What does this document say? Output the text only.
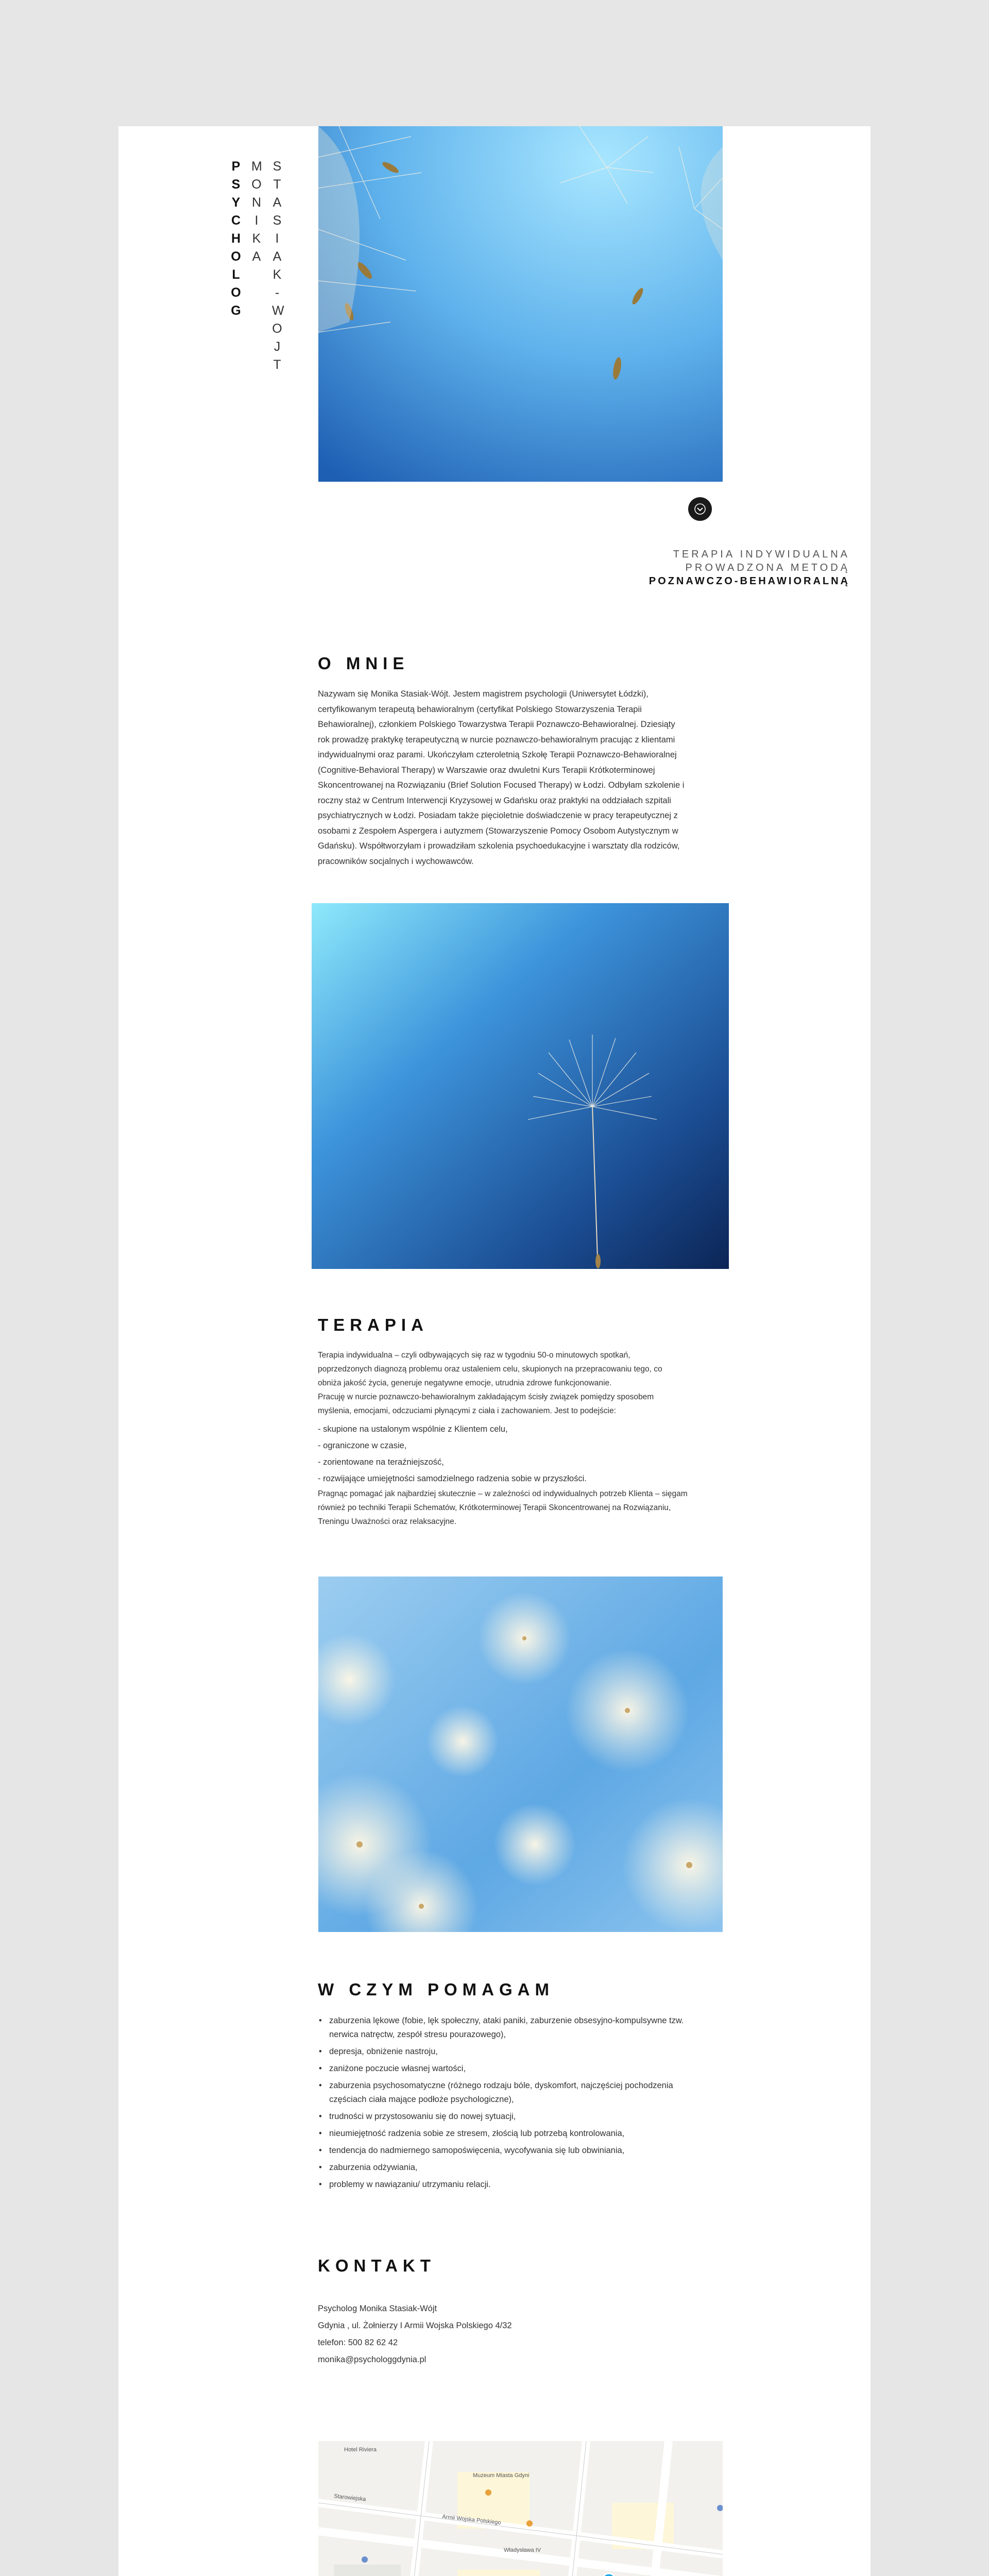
P
S
Y
C
H
O
L
O
G
M
O
N
I
K
A
S
T
A
S
I
A
K
-
W
O
J
T
TERAPIA INDYWIDUALNA
PROWADZONA METODĄ
POZNAWCZO-BEHAWIORALNĄ
O MNIE

Nazywam się Monika Stasiak-Wójt. Jestem magistrem psychologii (Uniwersytet Łódzki),

certyfikowanym terapeutą behawioralnym (certyfikat Polskiego Stowarzyszenia Terapii

Behawioralnej), członkiem Polskiego Towarzystwa Terapii Poznawczo-Behawioralnej. Dziesiąty

rok prowadzę praktykę terapeutyczną w nurcie poznawczo-behawioralnym pracując z klientami

indywidualnymi oraz parami. Ukończyłam czteroletnią Szkołę Terapii Poznawczo-Behawioralnej

(Cognitive-Behavioral Therapy) w Warszawie oraz dwuletni Kurs Terapii Krótkoterminowej

Skoncentrowanej na Rozwiązaniu (Brief Solution Focused Therapy) w Łodzi. Odbyłam szkolenie i

roczny staż w Centrum Interwencji Kryzysowej w Gdańsku oraz praktyki na oddziałach szpitali

psychiatrycznych w Łodzi. Posiadam także pięcioletnie doświadczenie w pracy terapeutycznej z

osobami z Zespołem Aspergera i autyzmem (Stowarzyszenie Pomocy Osobom Autystycznym w

Gdańsku). Współtworzyłam i prowadziłam szkolenia psychoedukacyjne i warsztaty dla rodziców,

pracowników socjalnych i wychowawców.

TERAPIA

Terapia indywidualna – czyli odbywających się raz w tygodniu 50-o minutowych spotkań,

poprzedzonych diagnozą problemu oraz ustaleniem celu, skupionych na przepracowaniu tego, co

obniża jakość życia, generuje negatywne emocje, utrudnia zdrowe funkcjonowanie.

Pracuję w nurcie poznawczo-behawioralnym zakładającym ścisły związek pomiędzy sposobem

myślenia, emocjami, odczuciami płynącymi z ciała i zachowaniem. Jest to podejście:

- skupione na ustalonym wspólnie z Klientem celu,
- ograniczone w czasie,
- zorientowane na teraźniejszość,
- rozwijające umiejętności samodzielnego radzenia sobie w przyszłości.

Pragnąc pomagać jak najbardziej skutecznie – w zależności od indywidualnych potrzeb Klienta – sięgam

również po techniki Terapii Schematów, Krótkoterminowej Terapii Skoncentrowanej na Rozwiązaniu,

Treningu Uważności oraz relaksacyjne.

W CZYM POMAGAM
• zaburzenia lękowe (fobie, lęk społeczny, ataki paniki, zaburzenie obsesyjno-kompulsywne tzw.
nerwica natręctw, zespół stresu pourazowego),
• depresja, obniżenie nastroju,
• zaniżone poczucie własnej wartości,
• zaburzenia psychosomatyczne (różnego rodzaju bóle, dyskomfort, najczęściej pochodzenia
częściach ciała mające podłoże psychologiczne),
• trudności w przystosowaniu się do nowej sytuacji,
• nieumiejętność radzenia sobie ze stresem, złością lub potrzebą kontrolowania,
• tendencja do nadmiernego samopoświęcenia, wycofywania się lub obwiniania,
• zaburzenia odżywiania,
• problemy w nawiązaniu/ utrzymaniu relacji.
KONTAKT

Psycholog Monika Stasiak-Wójt

Gdynia , ul. Żołnierzy I Armii Wojska Polskiego 4/32

telefon: 500 82 62 42

monika@psychologgdynia.pl

Hotel Riviera
Muzeum Miasta Gdyni
Władysława IV
Armii Wojska Polskiego
Starowiejska
